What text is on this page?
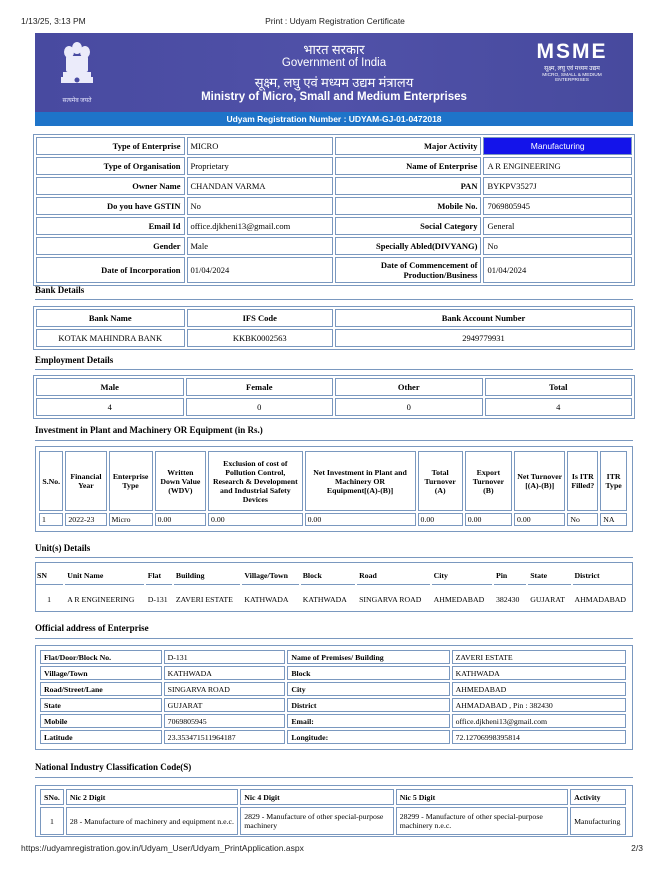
1/13/25, 3:13 PM	Print : Udyam Registration Certificate
सत्यमेव जयते
भारत सरकार
Government of India
सूक्ष्म, लघु एवं मध्यम उद्यम मंत्रालय
Ministry of Micro, Small and Medium Enterprises
MSME
सूक्ष्म, लघु एवं मध्यम उद्यम
MICRO, SMALL & MEDIUM ENTERPRISES
Udyam Registration Number : UDYAM-GJ-01-0472018
Type of Enterprise	MICRO	Major Activity	Manufacturing
Type of Organisation	Proprietary	Name of Enterprise	A R ENGINEERING
Owner Name	CHANDAN VARMA	PAN	BYKPV3527J
Do you have GSTIN	No	Mobile No.	7069805945
Email Id	office.djkheni13@gmail.com	Social Category	General
Gender	Male	Specially Abled(DIVYANG)	No
Date of Incorporation	01/04/2024	Date of Commencement of Production/Business	01/04/2024
Bank Details
Bank Name	IFS Code	Bank Account Number
KOTAK MAHINDRA BANK	KKBK0002563	2949779931
Employment Details
Male	Female	Other	Total
4	0	0	4
Investment in Plant and Machinery OR Equipment (in Rs.)
S.No.	Financial Year	Enterprise Type	Written Down Value (WDV)	Exclusion of cost of Pollution Control, Research & Development and Industrial Safety Devices	Net Investment in Plant and Machinery OR Equipment[(A)-(B)]	Total Turnover (A)	Export Turnover (B)	Net Turnover [(A)-(B)]	Is ITR Filled?	ITR Type
1	2022-23	Micro	0.00	0.00	0.00	0.00	0.00	0.00	No	NA
Unit(s) Details
SN	Unit Name	Flat	Building	Village/Town	Block	Road	City	Pin	State	District
1	A R ENGINEERING	D-131	ZAVERI ESTATE	KATHWADA	KATHWADA	SINGARVA ROAD	AHMEDABAD	382430	GUJARAT	AHMADABAD
Official address of Enterprise
Flat/Door/Block No.	D-131	Name of Premises/ Building	ZAVERI ESTATE
Village/Town	KATHWADA	Block	KATHWADA
Road/Street/Lane	SINGARVA ROAD	City	AHMEDABAD
State	GUJARAT	District	AHMADABAD , Pin : 382430
Mobile	7069805945	Email:	office.djkheni13@gmail.com
Latitude	23.353471511964187	Longitude:	72.12706998395814
National Industry Classification Code(S)
SNo.	Nic 2 Digit	Nic 4 Digit	Nic 5 Digit	Activity
1	28 - Manufacture of machinery and equipment n.e.c.	2829 - Manufacture of other special-purpose machinery	28299 - Manufacture of other special-purpose machinery n.e.c.	Manufacturing
https://udyamregistration.gov.in/Udyam_User/Udyam_PrintApplication.aspx	2/3
